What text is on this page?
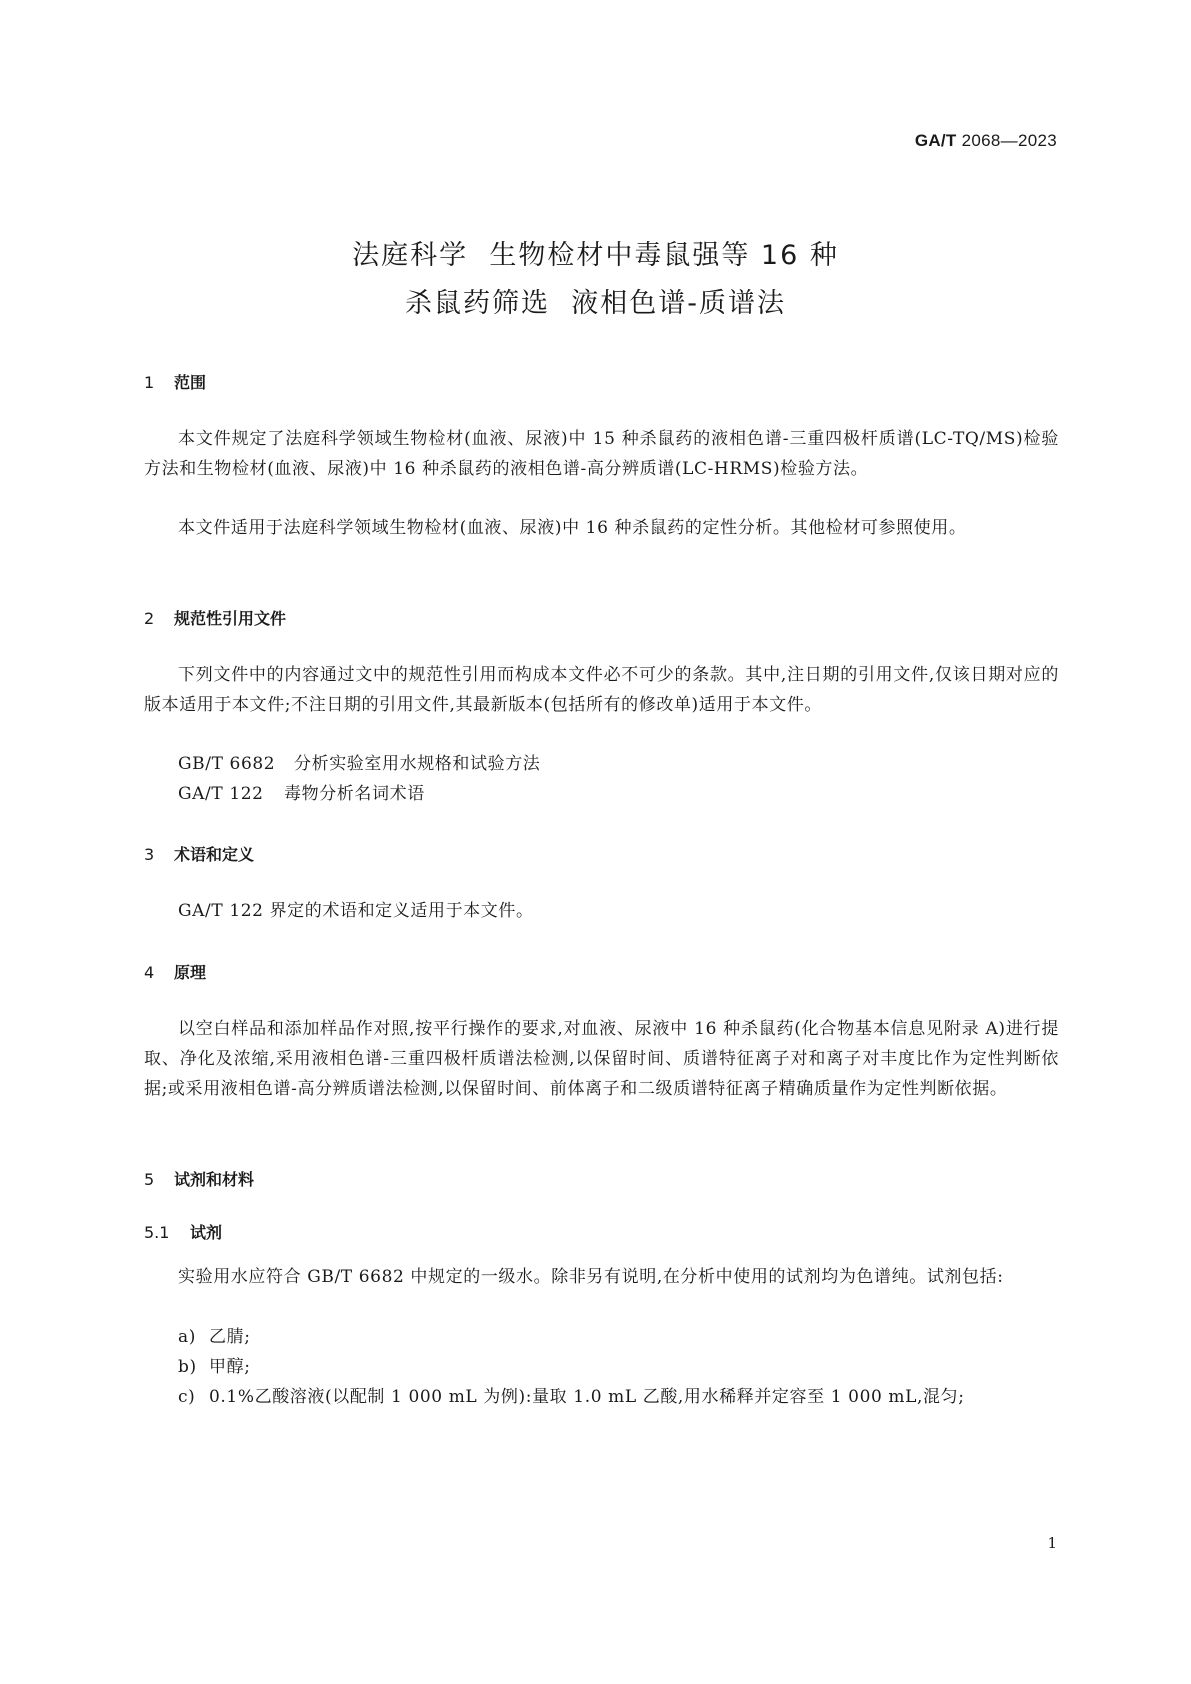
GA/T 2068—2023
法庭科学  生物检材中毒鼠强等 16 种
杀鼠药筛选  液相色谱-质谱法
1 范围
本文件规定了法庭科学领域生物检材(血液、尿液)中 15 种杀鼠药的液相色谱-三重四极杆质谱(LC-TQ/MS)检验方法和生物检材(血液、尿液)中 16 种杀鼠药的液相色谱-高分辨质谱(LC-HRMS)检验方法。
本文件适用于法庭科学领域生物检材(血液、尿液)中 16 种杀鼠药的定性分析。其他检材可参照使用。
2 规范性引用文件
下列文件中的内容通过文中的规范性引用而构成本文件必不可少的条款。其中,注日期的引用文件,仅该日期对应的版本适用于本文件;不注日期的引用文件,其最新版本(包括所有的修改单)适用于本文件。
GB/T 6682 分析实验室用水规格和试验方法
GA/T 122 毒物分析名词术语
3 术语和定义
GA/T 122 界定的术语和定义适用于本文件。
4 原理
以空白样品和添加样品作对照,按平行操作的要求,对血液、尿液中 16 种杀鼠药(化合物基本信息见附录 A)进行提取、净化及浓缩,采用液相色谱-三重四极杆质谱法检测,以保留时间、质谱特征离子对和离子对丰度比作为定性判断依据;或采用液相色谱-高分辨质谱法检测,以保留时间、前体离子和二级质谱特征离子精确质量作为定性判断依据。
5 试剂和材料
5.1 试剂
实验用水应符合 GB/T 6682 中规定的一级水。除非另有说明,在分析中使用的试剂均为色谱纯。试剂包括:
a) 乙腈;
b) 甲醇;
c) 0.1%乙酸溶液(以配制 1 000 mL 为例):量取 1.0 mL 乙酸,用水稀释并定容至 1 000 mL,混匀;
1
